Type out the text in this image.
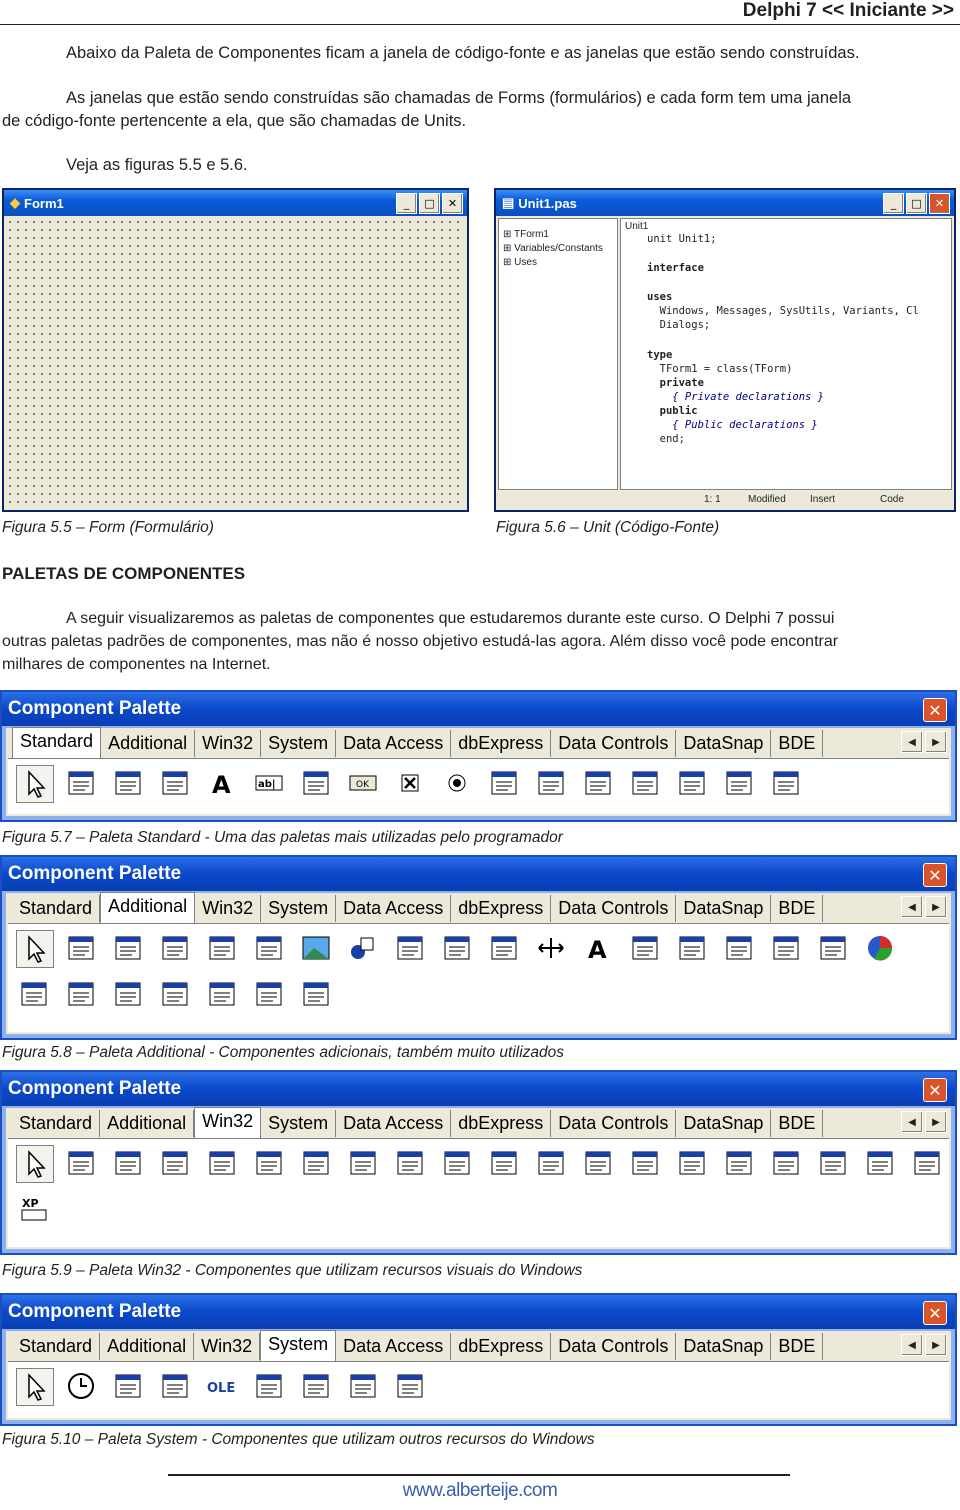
Delphi 7 << Iniciante >>
Abaixo da Paleta de Componentes ficam a janela de código-fonte e as janelas que estão sendo construídas.
As janelas que estão sendo construídas são chamadas de Forms (formulários) e cada form tem uma janela
de código-fonte pertencente a ela, que são chamadas de Units.
Veja as figuras 5.5 e 5.6.
◆ Form1	_	□	✕	▤ Unit1.pas	_	□	✕
⊞ TForm1
⊞ Variables/Constants
⊞ Uses
Unit1
unit Unit1;
interface
uses
Windows, Messages, SysUtils, Variants, Cl
Dialogs;
type
TForm1 = class(TForm)
private
{ Private declarations }
public
{ Public declarations }
end;
1: 1	Modified Insert	Code
Figura 5.5 – Form (Formulário)	Figura 5.6 – Unit (Código-Fonte)
PALETAS DE COMPONENTES
A seguir visualizaremos as paletas de componentes que estudaremos durante este curso. O Delphi 7 possui
outras paletas padrões de componentes, mas não é nosso objetivo estudá-las agora. Além disso você pode encontrar
milhares de componentes na Internet.
Component Palette	✕
Standard Additional Win32 System Data Access dbExpress Data Controls DataSnap BDE	◀	▶
A	ab|	OK
Figura 5.7 – Paleta Standard - Uma das paletas mais utilizadas pelo programador
Component Palette	✕
Standard Additional Win32 System Data Access dbExpress Data Controls DataSnap BDE	◀	▶
A
Figura 5.8 – Paleta Additional - Componentes adicionais, também muito utilizados
Component Palette	✕
Standard Additional Win32 System Data Access dbExpress Data Controls DataSnap BDE	◀	▶
XP
Figura 5.9 – Paleta Win32 - Componentes que utilizam recursos visuais do Windows
Component Palette	✕
Standard Additional Win32 System Data Access dbExpress Data Controls DataSnap BDE	◀	▶
OLE
Figura 5.10 – Paleta System - Componentes que utilizam outros recursos do Windows
www.alberteije.com
